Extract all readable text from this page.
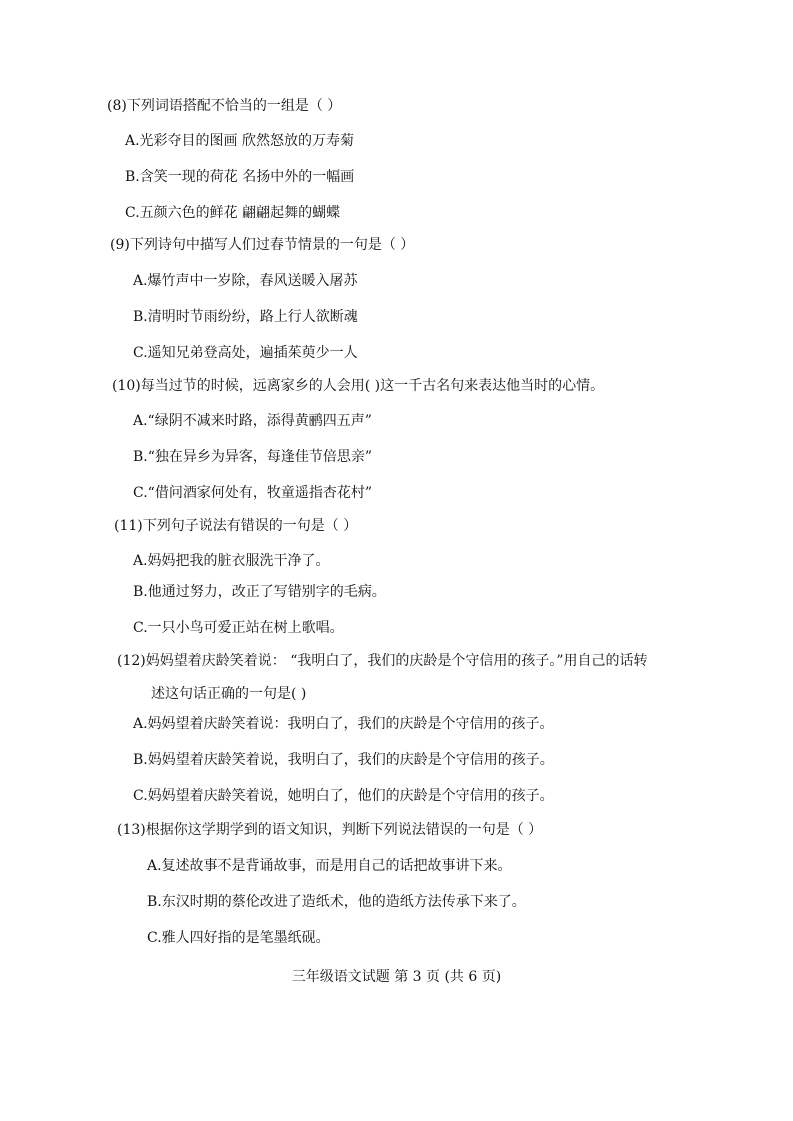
(8)下列词语搭配不恰当的一组是（ ）
A.光彩夺目的图画 欣然怒放的万寿菊
B.含笑一现的荷花 名扬中外的一幅画
C.五颜六色的鲜花 翩翩起舞的蝴蝶
(9)下列诗句中描写人们过春节情景的一句是（ ）
A.爆竹声中一岁除，春风送暖入屠苏
B.清明时节雨纷纷，路上行人欲断魂
C.遥知兄弟登高处，遍插茱萸少一人
(10)每当过节的时候，远离家乡的人会用( )这一千古名句来表达他当时的心情。
A.“绿阴不减来时路，添得黄鹂四五声”
B.“独在异乡为异客，每逢佳节倍思亲”
C.“借问酒家何处有，牧童遥指杏花村”
(11)下列句子说法有错误的一句是（ ）
A.妈妈把我的脏衣服洗干净了。
B.他通过努力，改正了写错别字的毛病。
C.一只小鸟可爱正站在树上歌唱。
(12)妈妈望着庆龄笑着说： “我明白了，我们的庆龄是个守信用的孩子。”用自己的话转
述这句话正确的一句是( )
A.妈妈望着庆龄笑着说：我明白了，我们的庆龄是个守信用的孩子。
B.妈妈望着庆龄笑着说，我明白了，我们的庆龄是个守信用的孩子。
C.妈妈望着庆龄笑着说，她明白了，他们的庆龄是个守信用的孩子。
(13)根据你这学期学到的语文知识，判断下列说法错误的一句是（ ）
A.复述故事不是背诵故事，而是用自己的话把故事讲下来。
B.东汉时期的蔡伦改进了造纸术，他的造纸方法传承下来了。
C.雅人四好指的是笔墨纸砚。
三年级语文试题 第 3 页 (共 6 页)
